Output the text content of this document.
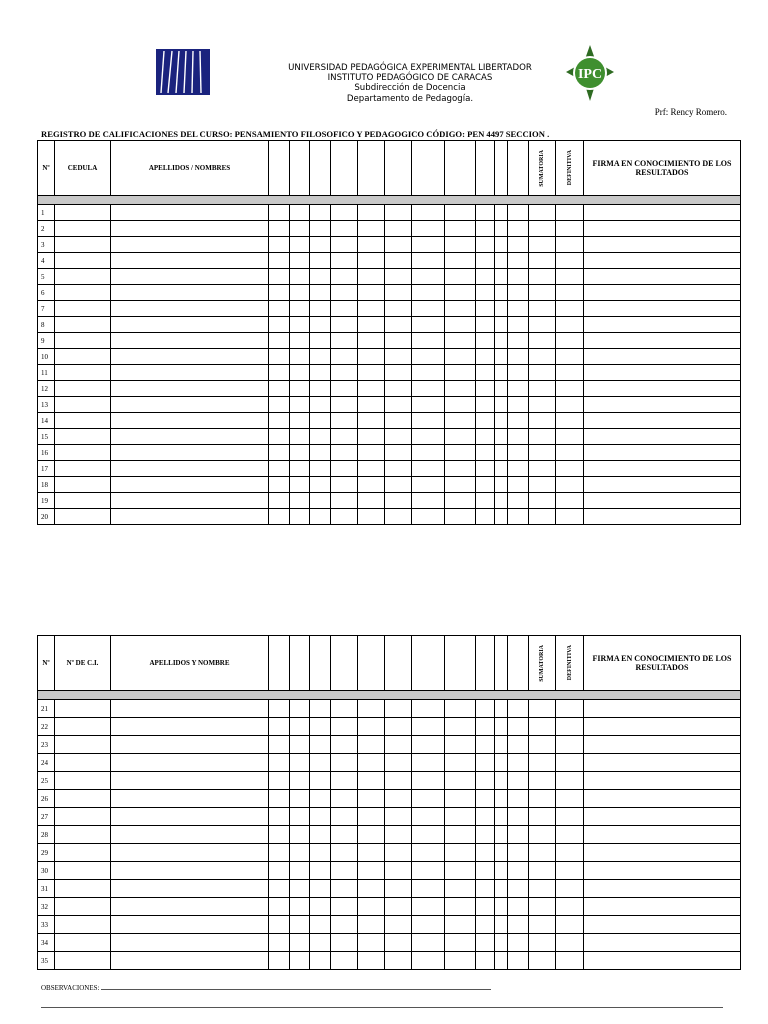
UNIVERSIDAD PEDAGÓGICA EXPERIMENTAL LIBERTADOR
INSTITUTO PEDAGÓGICO DE CARACAS
Subdirección de Docencia
Departamento de Pedagogía.
IPC
Prf: Rency Romero.
REGISTRO DE CALIFICACIONES DEL CURSO: PENSAMIENTO FILOSOFICO Y PEDAGOGICO CÓDIGO: PEN 4497 SECCION .
Nº	CEDULA	APELLIDOS / NOMBRES												SUMATORIA	DEFINITIVA	FIRMA EN CONOCIMIENTO DE LOS RESULTADOS

1																
2																
3																
4																
5																
6																
7																
8																
9																
10																
11																
12																
13																
14																
15																
16																
17																
18																
19																
20																
Nº	Nº DE C.I.	APELLIDOS Y NOMBRE												SUMATORIA	DEFINITIVA	FIRMA EN CONOCIMIENTO DE LOS RESULTADOS

21																
22																
23																
24																
25																
26																
27																
28																
29																
30																
31																
32																
33																
34																
35																
OBSERVACIONES:
